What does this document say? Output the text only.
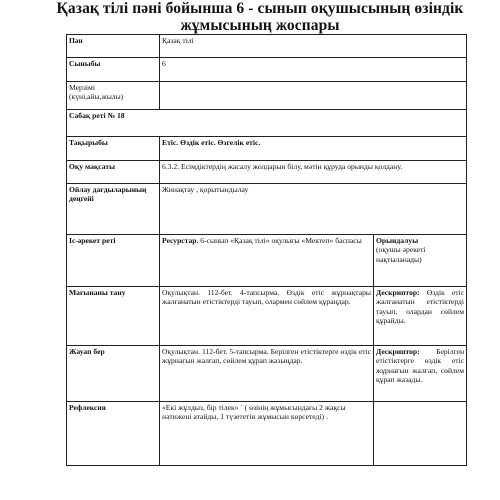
Қазақ тілі пәні бойынша 6 - сынып оқушысының өзіндік
жұмысының жоспары
Пән	Қазақ тілі	
Сыныбы	6	

Мерзімі
(күні,айы,жылы)		

Сабақ реті № 18		
Тақырыбы	Етіс. Өздік етіс. Өзгелік етіс.	
Оқу мақсаты	6.3.2. Есімдіктердің жасалу жолдарын білу, мәтін құруда орынды қолдану.	
Ойлау дағдыларының деңгейі	Жинақтау , қорытындылау	
Іс-әрекет реті	Ресурстар. 6-сынып «Қазақ тілі» оқулығы «Мектеп» баспасы	Орындалуы
(оқушы әрекеті нақтыланады)

Мағынаны тану	Оқулықтан. 112-бет. 4-тапсырма. Өздік етіс жұрнақтары жалғанатын етістіктерді тауып, олармен сөйлем құраңдар.	Дескриптор: Өздік етіс жалғанатын етістіктерді тауып, олардан сөйлем құрайды.
Жауап бер	Оқулықтан. 112-бет. 5-тапсырма. Берілген етістіктерге өздік етіс жұрнағын жалғап, сөйлем құрап жазыңдар.	Дескриптор: Берілген етістіктерге өздік етіс жұрнағын жалғап, сөйлем құрап жазады.
Рефлексия	«Екі жұлдыз, бір тілек» ` ( өзінің жұмысындағы 2 жақсы нәтижені атайды, 1 түзететін жұмысын көрсетеді) .	
